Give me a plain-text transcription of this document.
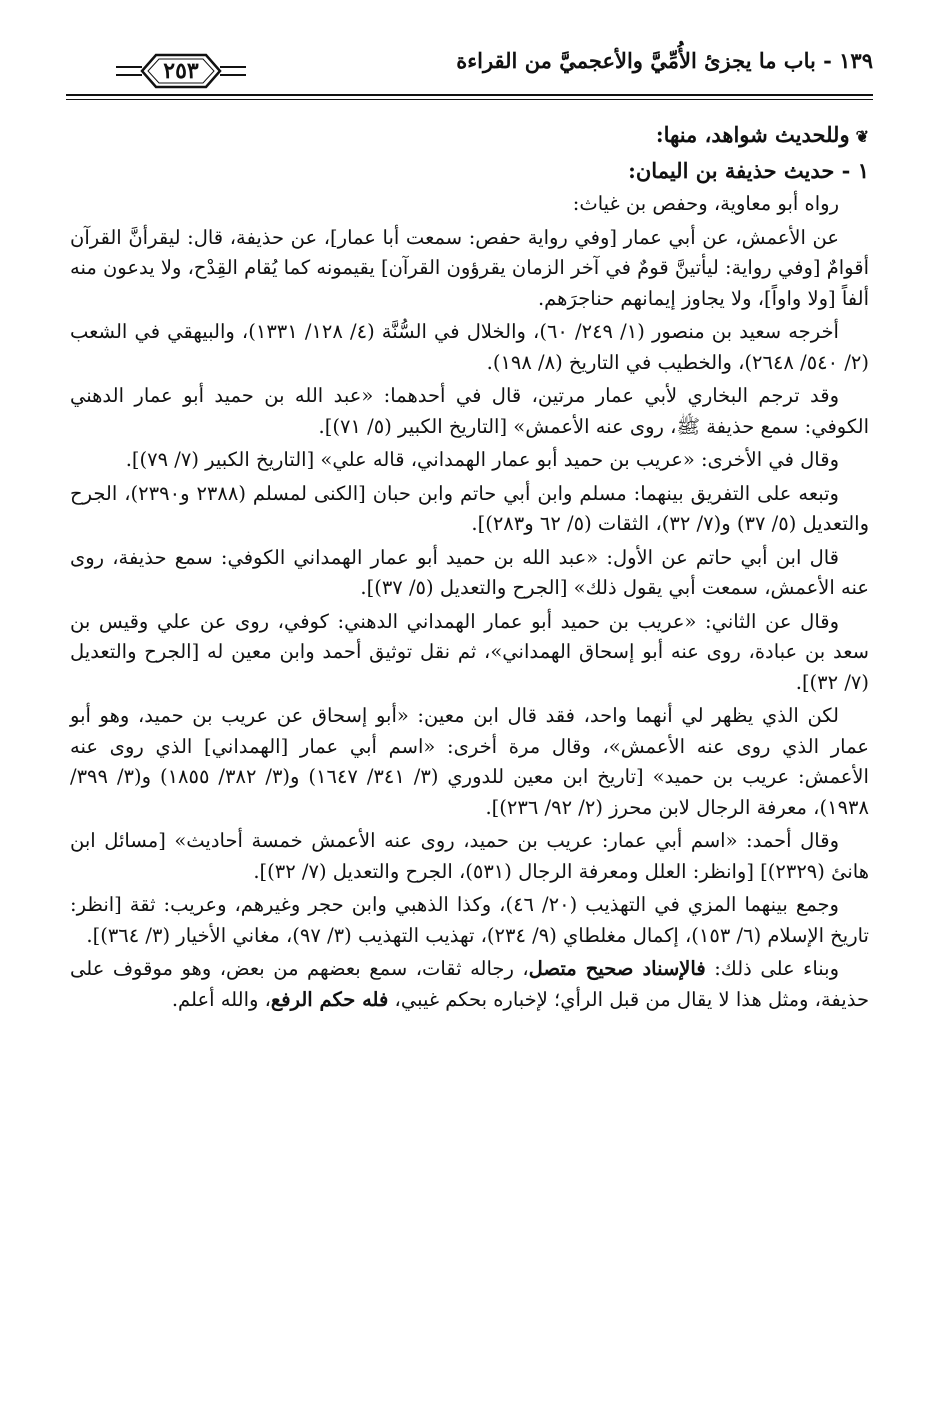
١٣٩ - باب ما يجزئ الأُمِّيَّ والأعجميَّ من القراءة
٢٥٣

❦وللحديث شواهد، منها:

١ - حديث حذيفة بن اليمان:

رواه أبو معاوية، وحفص بن غياث:

عن الأعمش، عن أبي عمار [وفي رواية حفص: سمعت أبا عمار]، عن حذيفة، قال: ليقرأنَّ القرآن أقوامٌ [وفي رواية: ليأتينَّ قومٌ في آخر الزمان يقرؤون القرآن] يقيمونه كما يُقام القِدْح، ولا يدعون منه ألفاً [ولا واواً]، ولا يجاوز إيمانهم حناجرَهم.

أخرجه سعيد بن منصور (١/ ٢٤٩/ ٦٠)، والخلال في السُّنَّة (٤/ ١٢٨/ ١٣٣١)، والبيهقي في الشعب (٢/ ٥٤٠/ ٢٦٤٨)، والخطيب في التاريخ (٨/ ١٩٨).

وقد ترجم البخاري لأبي عمار مرتين، قال في أحدهما: «عبد الله بن حميد أبو عمار الدهني الكوفي: سمع حذيفة ﷺ، روى عنه الأعمش» [التاريخ الكبير (٥/ ٧١)].

وقال في الأخرى: «عريب بن حميد أبو عمار الهمداني، قاله علي» [التاريخ الكبير (٧/ ٧٩)].

وتبعه على التفريق بينهما: مسلم وابن أبي حاتم وابن حبان [الكنى لمسلم (٢٣٨٨ و٢٣٩٠)، الجرح والتعديل (٥/ ٣٧) و(٧/ ٣٢)، الثقات (٥/ ٦٢ و٢٨٣)].

قال ابن أبي حاتم عن الأول: «عبد الله بن حميد أبو عمار الهمداني الكوفي: سمع حذيفة، روى عنه الأعمش، سمعت أبي يقول ذلك» [الجرح والتعديل (٥/ ٣٧)].

وقال عن الثاني: «عريب بن حميد أبو عمار الهمداني الدهني: كوفي، روى عن علي وقيس بن سعد بن عبادة، روى عنه أبو إسحاق الهمداني»، ثم نقل توثيق أحمد وابن معين له [الجرح والتعديل (٧/ ٣٢)].

لكن الذي يظهر لي أنهما واحد، فقد قال ابن معين: «أبو إسحاق عن عريب بن حميد، وهو أبو عمار الذي روى عنه الأعمش»، وقال مرة أخرى: «اسم أبي عمار [الهمداني] الذي روى عنه الأعمش: عريب بن حميد» [تاريخ ابن معين للدوري (٣/ ٣٤١/ ١٦٤٧) و(٣/ ٣٨٢/ ١٨٥٥) و(٣/ ٣٩٩/ ١٩٣٨)، معرفة الرجال لابن محرز (٢/ ٩٢/ ٢٣٦)].

وقال أحمد: «اسم أبي عمار: عريب بن حميد، روى عنه الأعمش خمسة أحاديث» [مسائل ابن هانئ (٢٣٢٩)] [وانظر: العلل ومعرفة الرجال (٥٣١)، الجرح والتعديل (٧/ ٣٢)].

وجمع بينهما المزي في التهذيب (٢٠/ ٤٦)، وكذا الذهبي وابن حجر وغيرهم، وعريب: ثقة [انظر: تاريخ الإسلام (٦/ ١٥٣)، إكمال مغلطاي (٩/ ٢٣٤)، تهذيب التهذيب (٣/ ٩٧)، مغاني الأخيار (٣/ ٣٦٤)].

وبناء على ذلك: فالإسناد صحيح متصل، رجاله ثقات، سمع بعضهم من بعض، وهو موقوف على حذيفة، ومثل هذا لا يقال من قبل الرأي؛ لإخباره بحكم غيبي، فله حكم الرفع، والله أعلم.
